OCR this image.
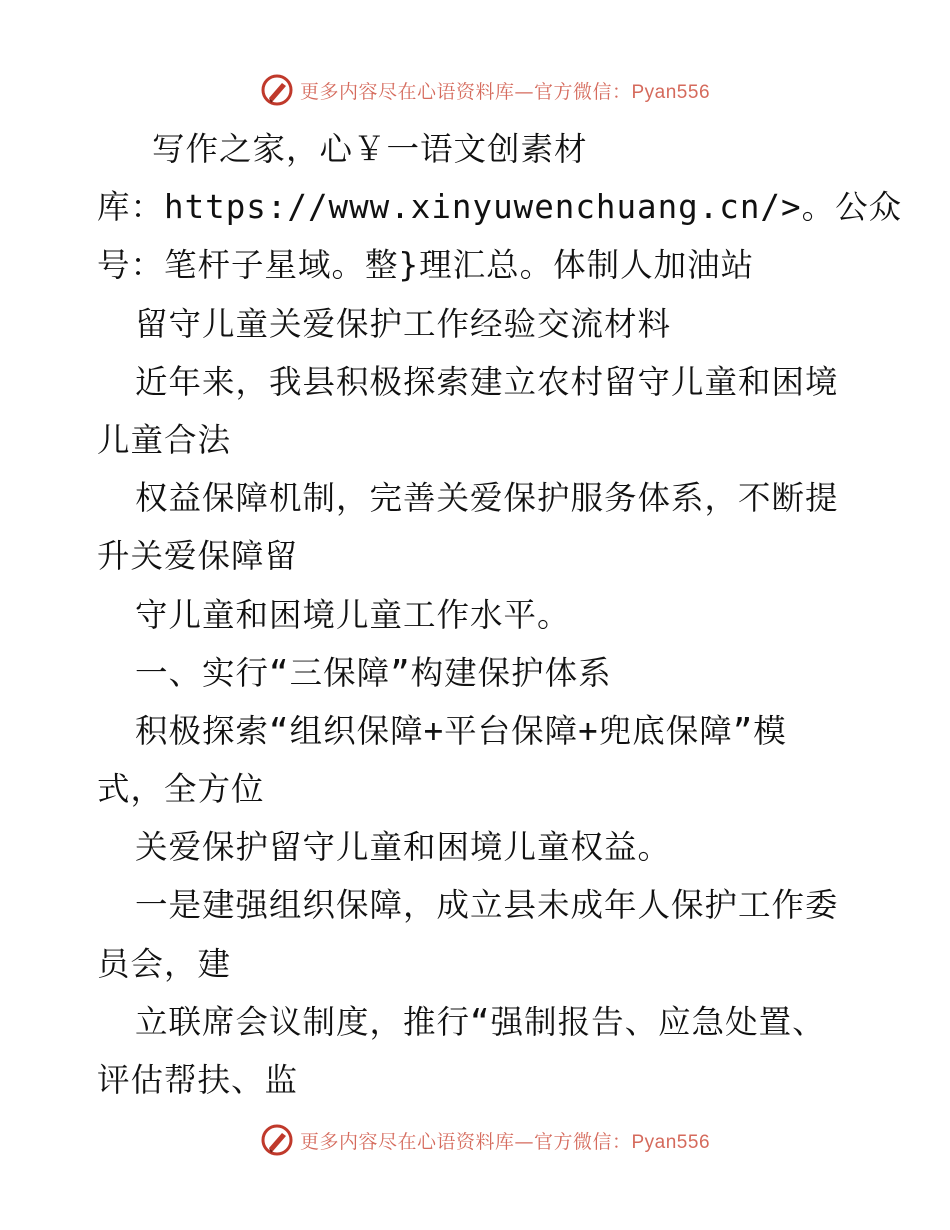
更多内容尽在心语资料库—官方微信：Pyan556
写作之家，心￥一语文创素材
库：https://www.xinyuwenchuang.cn/>。公众
号：笔杆子星域。整}理汇总。体制人加油站
留守儿童关爱保护工作经验交流材料
近年来，我县积极探索建立农村留守儿童和困境
儿童合法
权益保障机制，完善关爱保护服务体系，不断提
升关爱保障留
守儿童和困境儿童工作水平。
一、实行“三保障”构建保护体系
积极探索“组织保障+平台保障+兜底保障”模
式，全方位
关爱保护留守儿童和困境儿童权益。
一是建强组织保障，成立县未成年人保护工作委
员会，建
立联席会议制度，推行“强制报告、应急处置、
评估帮扶、监
更多内容尽在心语资料库—官方微信：Pyan556
